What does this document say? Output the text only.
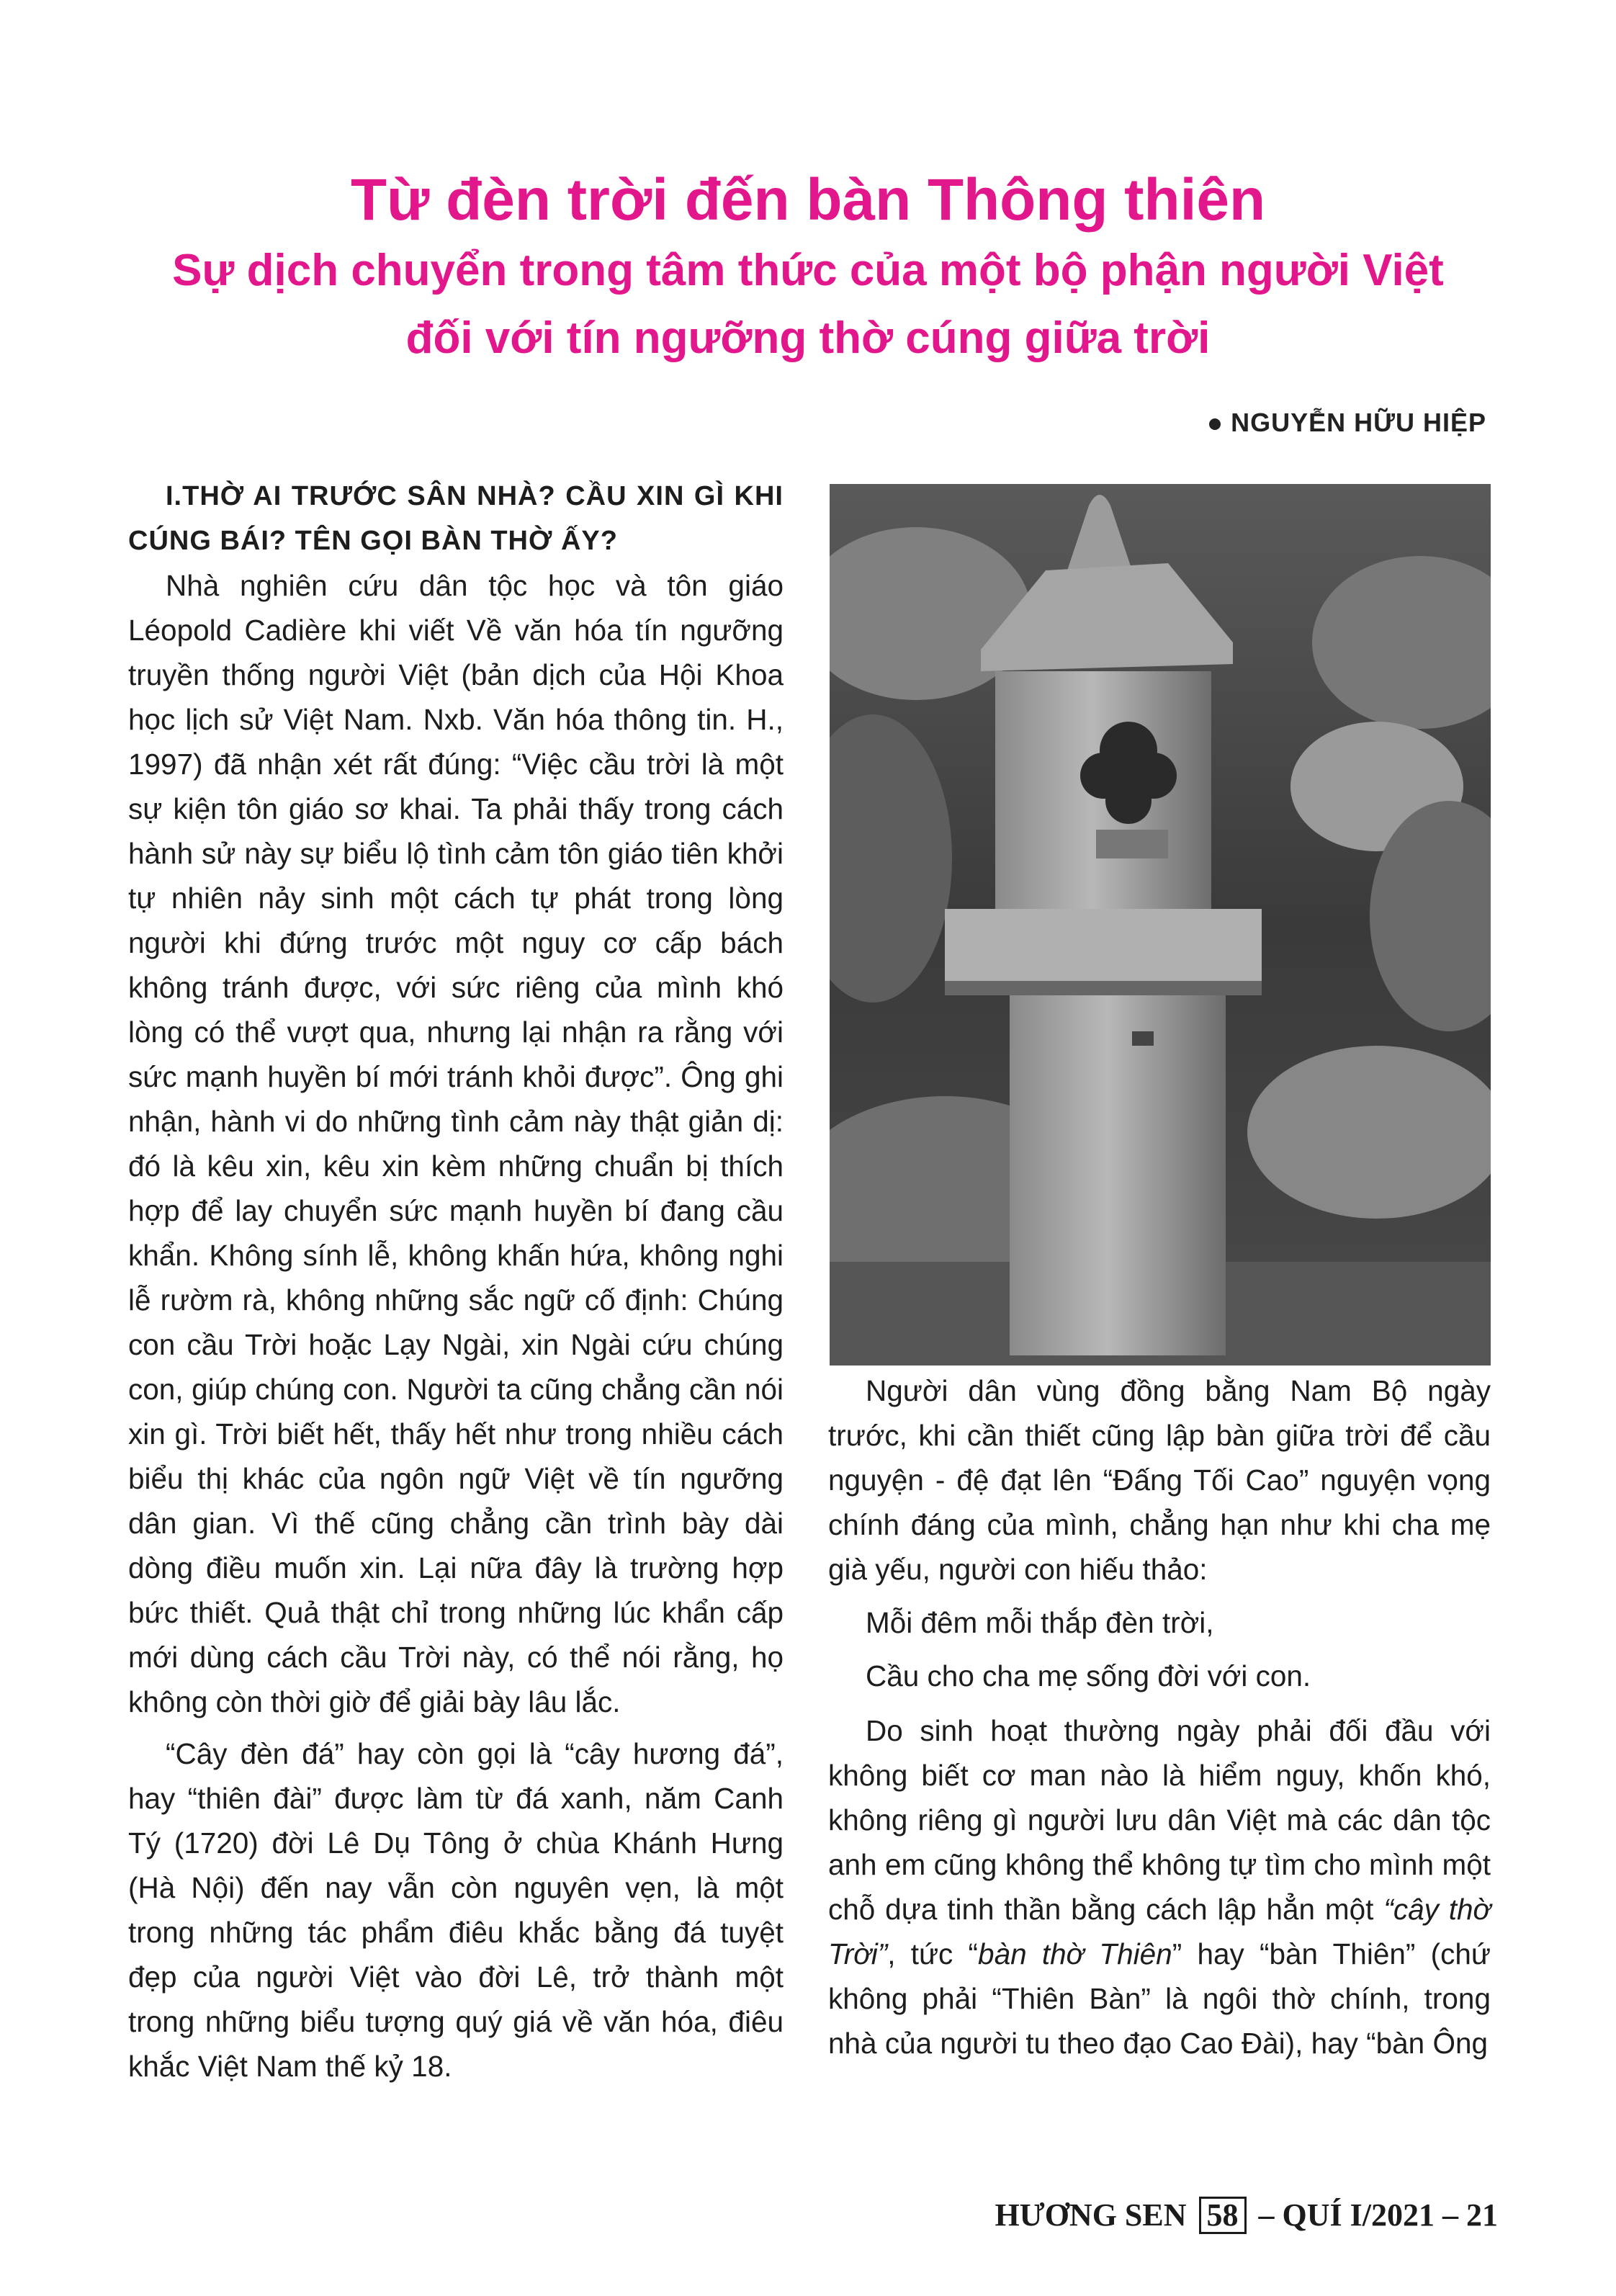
Từ đèn trời đến bàn Thông thiên
Sự dịch chuyển trong tâm thức của một bộ phận người Việt
đối với tín ngưỡng thờ cúng giữa trời
NGUYỄN HỮU HIỆP

I.THỜ AI TRƯỚC SÂN NHÀ? CẦU XIN GÌ KHI CÚNG BÁI? TÊN GỌI BÀN THỜ ẤY?

Nhà nghiên cứu dân tộc học và tôn giáo Léopold Cadière khi viết Về văn hóa tín ngưỡng truyền thống người Việt (bản dịch của Hội Khoa học lịch sử Việt Nam. Nxb. Văn hóa thông tin. H., 1997) đã nhận xét rất đúng: “Việc cầu trời là một sự kiện tôn giáo sơ khai. Ta phải thấy trong cách hành sử này sự biểu lộ tình cảm tôn giáo tiên khởi tự nhiên nảy sinh một cách tự phát trong lòng người khi đứng trước một nguy cơ cấp bách không tránh được, với sức riêng của mình khó lòng có thể vượt qua, nhưng lại nhận ra rằng với sức mạnh huyền bí mới tránh khỏi được”. Ông ghi nhận, hành vi do những tình cảm này thật giản dị: đó là kêu xin, kêu xin kèm những chuẩn bị thích hợp để lay chuyển sức mạnh huyền bí đang cầu khẩn. Không sính lễ, không khấn hứa, không nghi lễ rườm rà, không những sắc ngữ cố định: Chúng con cầu Trời hoặc Lạy Ngài, xin Ngài cứu chúng con, giúp chúng con. Người ta cũng chẳng cần nói xin gì. Trời biết hết, thấy hết như trong nhiều cách biểu thị khác của ngôn ngữ Việt về tín ngưỡng dân gian. Vì thế cũng chẳng cần trình bày dài dòng điều muốn xin. Lại nữa đây là trường hợp bức thiết. Quả thật chỉ trong những lúc khẩn cấp mới dùng cách cầu Trời này, có thể nói rằng, họ không còn thời giờ để giải bày lâu lắc.

“Cây đèn đá” hay còn gọi là “cây hương đá”, hay “thiên đài” được làm từ đá xanh, năm Canh Tý (1720) đời Lê Dụ Tông ở chùa Khánh Hưng (Hà Nội) đến nay vẫn còn nguyên vẹn, là một trong những tác phẩm điêu khắc bằng đá tuyệt đẹp của người Việt vào đời Lê, trở thành một trong những biểu tượng quý giá về văn hóa, điêu khắc Việt Nam thế kỷ 18.

Người dân vùng đồng bằng Nam Bộ ngày trước, khi cần thiết cũng lập bàn giữa trời để cầu nguyện - đệ đạt lên “Đấng Tối Cao” nguyện vọng chính đáng của mình, chẳng hạn như khi cha mẹ già yếu, người con hiếu thảo:

Mỗi đêm mỗi thắp đèn trời,

Cầu cho cha mẹ sống đời với con.

Do sinh hoạt thường ngày phải đối đầu với không biết cơ man nào là hiểm nguy, khốn khó, không riêng gì người lưu dân Việt mà các dân tộc anh em cũng không thể không tự tìm cho mình một chỗ dựa tinh thần bằng cách lập hẳn một “cây thờ Trời”, tức “bàn thờ Thiên” hay “bàn Thiên” (chứ không phải “Thiên Bàn” là ngôi thờ chính, trong nhà của người tu theo đạo Cao Đài), hay “bàn Ông

HƯƠNG SEN 58 – QUÍ I/2021 – 21
